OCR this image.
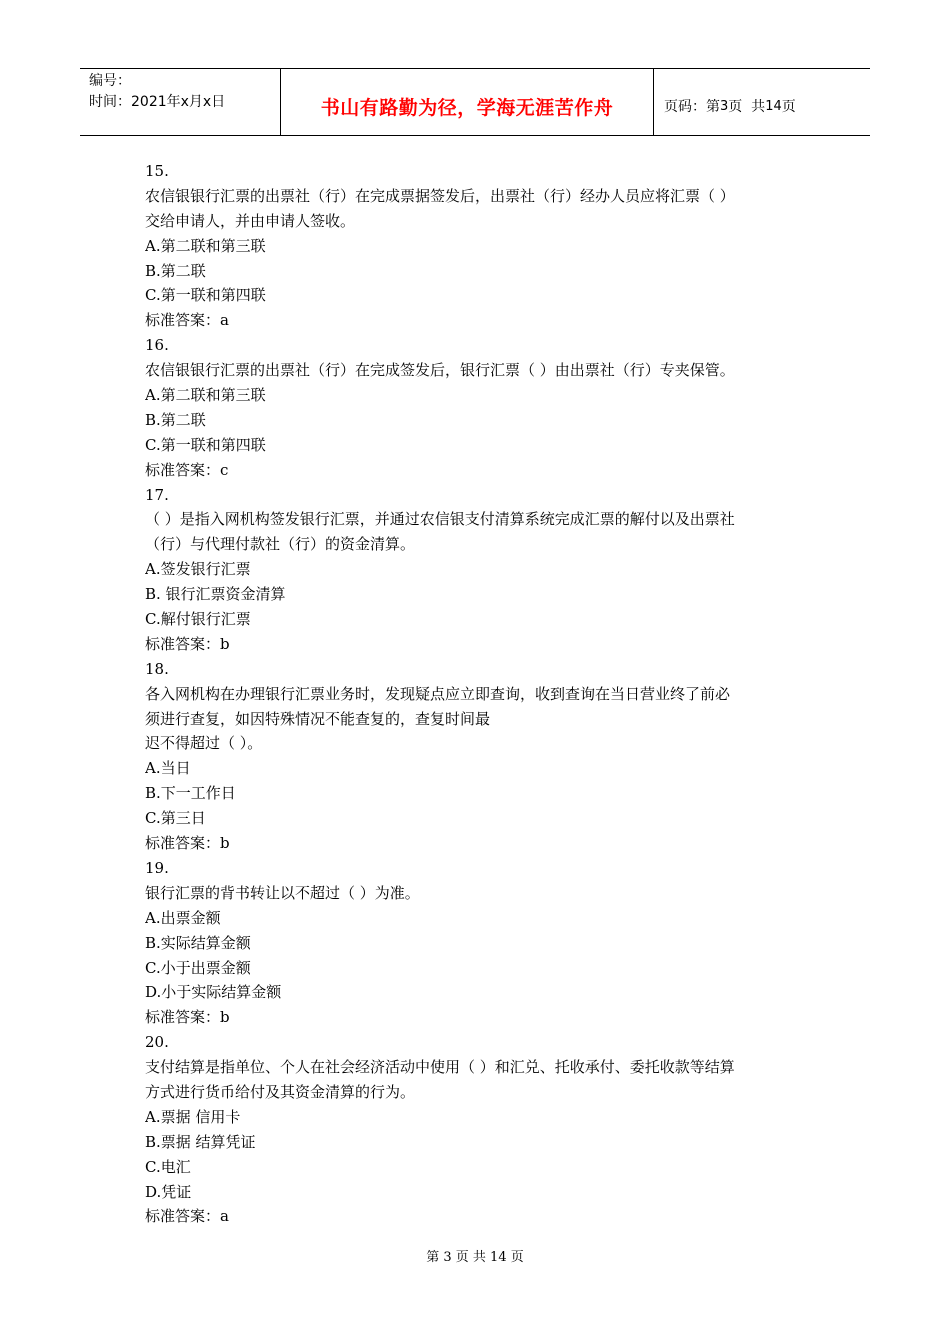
编号：
时间：2021年x月x日	书山有路勤为径，学海无涯苦作舟	页码：第 3 页  共 14 页
15.
农信银银行汇票的出票社（行）在完成票据签发后，出票社（行）经办人员应将汇票（ ）
交给申请人，并由申请人签收。
A.第二联和第三联
B.第二联
C.第一联和第四联
标准答案：a
16.
农信银银行汇票的出票社（行）在完成签发后，银行汇票（ ）由出票社（行）专夹保管。
A.第二联和第三联
B.第二联
C.第一联和第四联
标准答案：c
17.
（ ）是指入网机构签发银行汇票，并通过农信银支付清算系统完成汇票的解付以及出票社
（行）与代理付款社（行）的资金清算。
A.签发银行汇票
B. 银行汇票资金清算
C.解付银行汇票
标准答案：b
18.
各入网机构在办理银行汇票业务时，发现疑点应立即查询，收到查询在当日营业终了前必
须进行查复，如因特殊情况不能查复的，查复时间最
迟不得超过（ ）。
A.当日
B.下一工作日
C.第三日
标准答案：b
19.
银行汇票的背书转让以不超过（ ）为准。
A.出票金额
B.实际结算金额
C.小于出票金额
D.小于实际结算金额
标准答案：b
20.
支付结算是指单位、个人在社会经济活动中使用（ ）和汇兑、托收承付、委托收款等结算
方式进行货币给付及其资金清算的行为。
A.票据 信用卡
B.票据 结算凭证
C.电汇
D.凭证
标准答案：a
第 3 页 共 14 页
